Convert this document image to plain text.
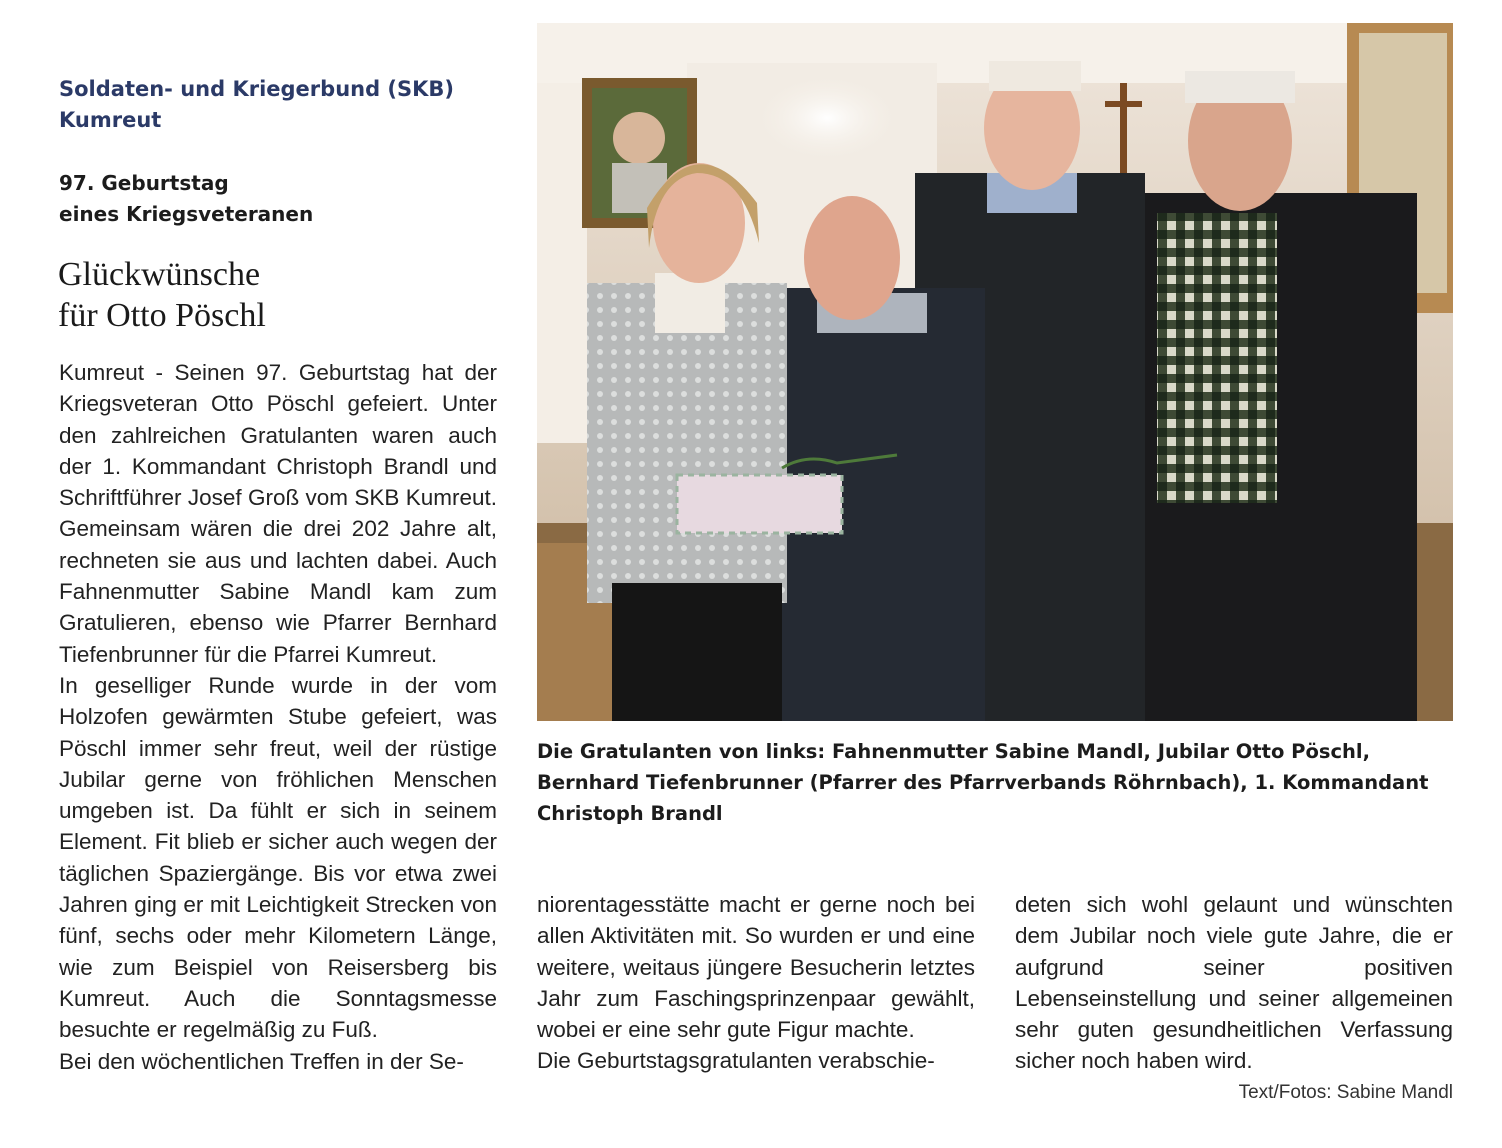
Soldaten- und Kriegerbund (SKB) Kumreut
97. Geburtstag
eines Kriegsveteranen
Glückwünsche
für Otto Pöschl

Kumreut - Seinen 97. Geburtstag hat der Kriegsveteran Otto Pöschl gefeiert. Unter den zahlreichen Gratulanten waren auch der 1. Kommandant Christoph Brandl und Schriftführer Josef Groß vom SKB Kumreut. Gemeinsam wären die drei 202 Jahre alt, rechneten sie aus und lachten dabei. Auch Fahnenmutter Sabine Mandl kam zum Gratulieren, ebenso wie Pfarrer Bernhard Tiefenbrunner für die Pfarrei Kumreut.

In geselliger Runde wurde in der vom Holzofen gewärmten Stube gefeiert, was Pöschl immer sehr freut, weil der rüstige Jubilar gerne von fröhlichen Menschen umgeben ist. Da fühlt er sich in seinem Element. Fit blieb er sicher auch wegen der täglichen Spaziergänge. Bis vor etwa zwei Jahren ging er mit Leichtigkeit Strecken von fünf, sechs oder mehr Kilometern Länge, wie zum Beispiel von Reisersberg bis Kumreut. Auch die Sonntagsmesse besuchte er regelmäßig zu Fuß.

Bei den wöchentlichen Treffen in der Se-

Die Gratulanten von links: Fahnenmutter Sabine Mandl, Jubilar Otto Pöschl, Bernhard Tiefenbrunner (Pfarrer des Pfarrverbands Röhrnbach), 1. Kommandant Christoph Brandl

niorentagesstätte macht er gerne noch bei allen Aktivitäten mit. So wurden er und eine weitere, weitaus jüngere Besucherin letztes Jahr zum Faschingsprinzenpaar gewählt, wobei er eine sehr gute Figur machte.

Die Geburtstagsgratulanten verabschie-

deten sich wohl gelaunt und wünschten dem Jubilar noch viele gute Jahre, die er aufgrund seiner positiven Lebenseinstellung und seiner allgemeinen sehr guten gesundheitlichen Verfassung sicher noch haben wird.

Text/Fotos: Sabine Mandl
